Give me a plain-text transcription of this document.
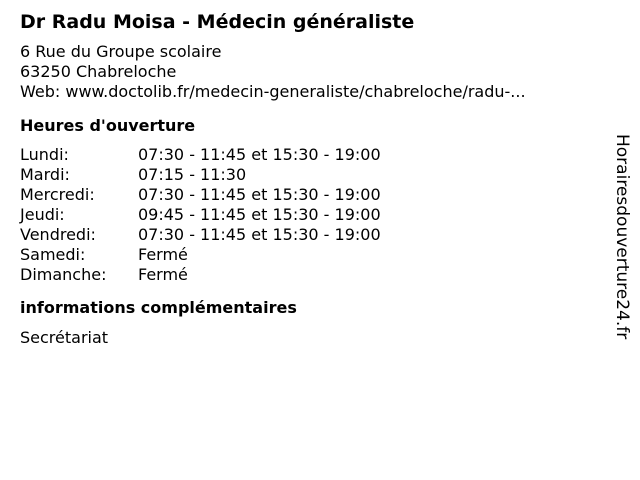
Dr Radu Moisa - Médecin généraliste
6 Rue du Groupe scolaire
63250 Chabreloche
Web: www.doctolib.fr/medecin-generaliste/chabreloche/radu-...
Heures d'ouverture
Lundi:	07:30 - 11:45 et 15:30 - 19:00
Mardi:	07:15 - 11:30
Mercredi:	07:30 - 11:45 et 15:30 - 19:00
Jeudi:	09:45 - 11:45 et 15:30 - 19:00
Vendredi:	07:30 - 11:45 et 15:30 - 19:00
Samedi:	Fermé
Dimanche:	Fermé
informations complémentaires
Secrétariat	Horairesdouverture24.fr
